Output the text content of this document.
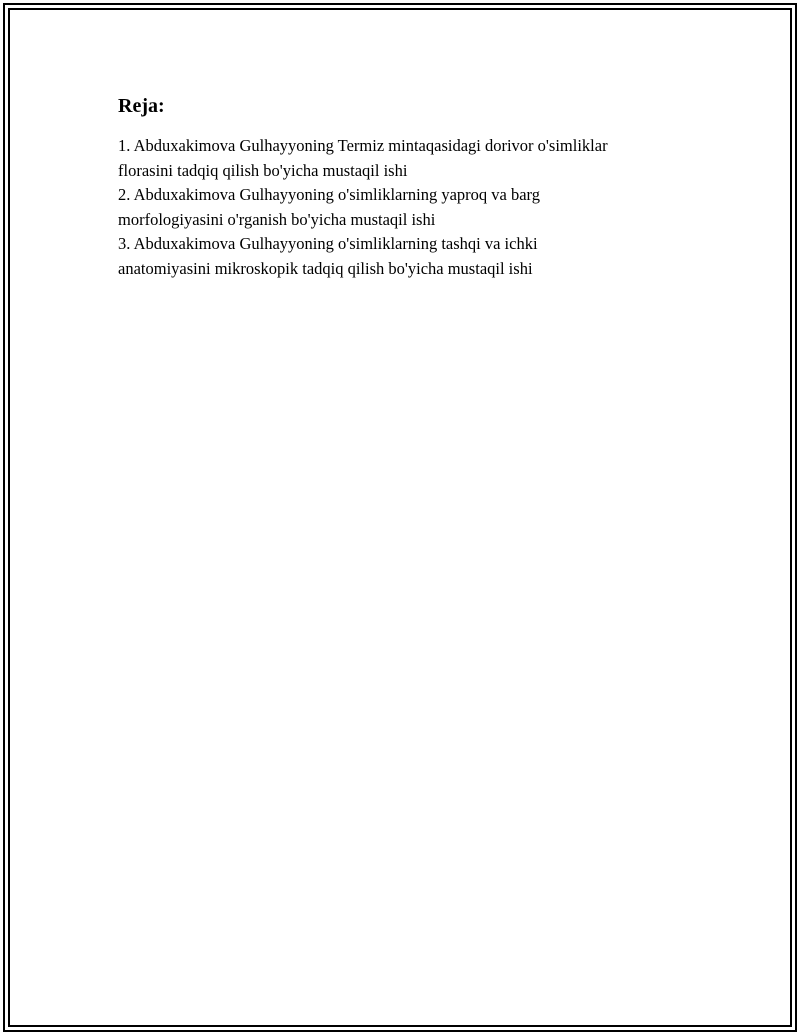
Reja:
1. Abduxakimova Gulhayyoning Termiz mintaqasidagi dorivor o'simliklar
florasini tadqiq qilish bo'yicha mustaqil ishi
2. Abduxakimova Gulhayyoning o'simliklarning yaproq va barg
morfologiyasini o'rganish bo'yicha mustaqil ishi
3. Abduxakimova Gulhayyoning o'simliklarning tashqi va ichki
anatomiyasini mikroskopik tadqiq qilish bo'yicha mustaqil ishi
